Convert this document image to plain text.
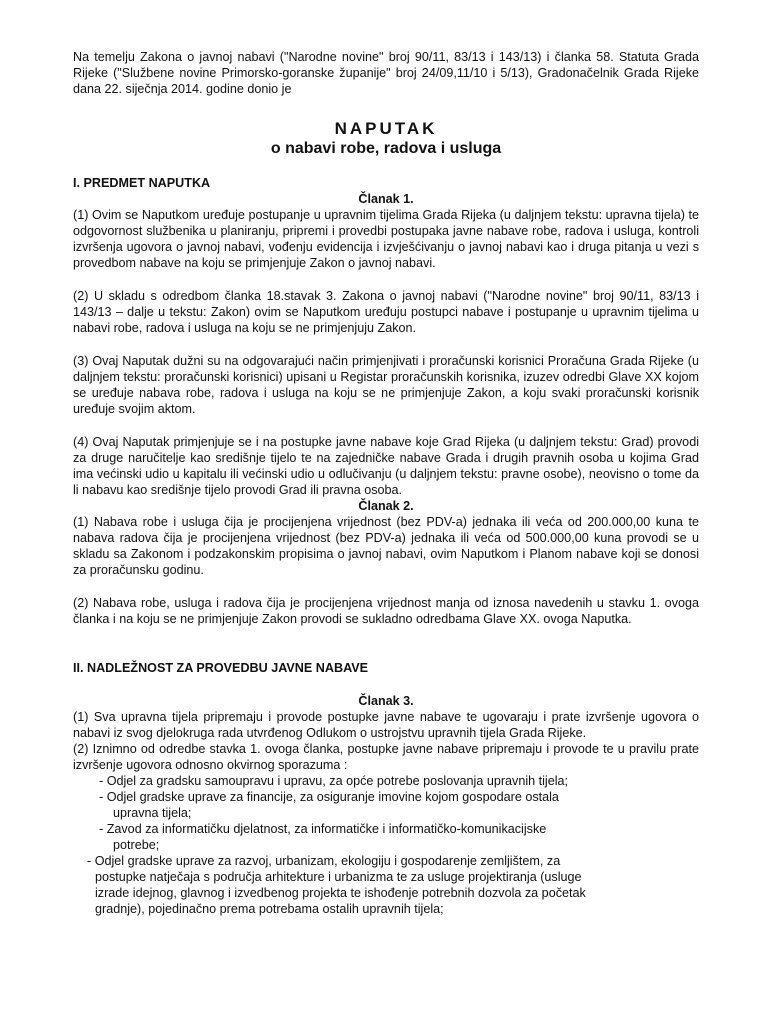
Na temelju Zakona o javnoj nabavi ("Narodne novine" broj 90/11, 83/13 i 143/13) i članka 58. Statuta Grada Rijeke ("Službene novine Primorsko-goranske županije" broj 24/09,11/10 i 5/13), Gradonačelnik Grada Rijeke dana 22. siječnja 2014. godine donio je

NAPUTAK
o nabavi robe, radova i usluga
I. PREDMET NAPUTKA
Članak 1.

(1) Ovim se Naputkom uređuje postupanje u upravnim tijelima Grada Rijeka (u daljnjem tekstu: upravna tijela) te odgovornost službenika u planiranju, pripremi i provedbi postupaka javne nabave robe, radova i usluga, kontroli izvršenja ugovora o javnoj nabavi, vođenju evidencija i izvješćivanju o javnoj nabavi kao i druga pitanja u vezi s provedbom nabave na koju se primjenjuje Zakon o javnoj nabavi.

(2) U skladu s odredbom članka 18.stavak 3. Zakona o javnoj nabavi ("Narodne novine" broj 90/11, 83/13 i 143/13 – dalje u tekstu: Zakon) ovim se Naputkom uređuju postupci nabave i postupanje u upravnim tijelima u nabavi robe, radova i usluga na koju se ne primjenjuju Zakon.

(3) Ovaj Naputak dužni su na odgovarajući način primjenjivati i proračunski korisnici Proračuna Grada Rijeke (u daljnjem tekstu: proračunski korisnici) upisani u Registar proračunskih korisnika, izuzev odredbi Glave XX kojom se uređuje nabava robe, radova i usluga na koju se ne primjenjuje Zakon, a koju svaki proračunski korisnik uređuje svojim aktom.

(4) Ovaj Naputak primjenjuje se i na postupke javne nabave koje Grad Rijeka (u daljnjem tekstu: Grad) provodi za druge naručitelje kao središnje tijelo te na zajedničke nabave Grada i drugih pravnih osoba u kojima Grad ima većinski udio u kapitalu ili većinski udio u odlučivanju (u daljnjem tekstu: pravne osobe), neovisno o tome da li nabavu kao središnje tijelo provodi Grad ili pravna osoba.

Članak 2.

(1) Nabava robe i usluga čija je procijenjena vrijednost (bez PDV-a) jednaka ili veća od 200.000,00 kuna te nabava radova čija je procijenjena vrijednost (bez PDV-a) jednaka ili veća od 500.000,00 kuna provodi se u skladu sa Zakonom i podzakonskim propisima o javnoj nabavi, ovim Naputkom i Planom nabave koji se donosi za proračunsku godinu.

(2) Nabava robe, usluga i radova čija je procijenjena vrijednost manja od iznosa navedenih u stavku 1. ovoga članka i na koju se ne primjenjuje Zakon provodi se sukladno odredbama Glave XX. ovoga Naputka.

II. NADLEŽNOST ZA PROVEDBU JAVNE NABAVE
Članak 3.

(1) Sva upravna tijela pripremaju i provode postupke javne nabave te ugovaraju i prate izvršenje ugovora o nabavi iz svog djelokruga rada utvrđenog Odlukom o ustrojstvu upravnih tijela Grada Rijeke.

(2) Iznimno od odredbe stavka 1. ovoga članka, postupke javne nabave pripremaju i provode te u pravilu prate izvršenje ugovora odnosno okvirnog sporazuma :

- Odjel za gradsku samoupravu i upravu, za opće potrebe poslovanja upravnih tijela;
- Odjel gradske uprave za financije, za osiguranje imovine kojom gospodare ostala
upravna tijela;
- Zavod za informatičku djelatnost, za informatičke i informatičko-komunikacijske
potrebe;
- Odjel gradske uprave za razvoj, urbanizam, ekologiju i gospodarenje zemljištem, za
postupke natječaja s područja arhitekture i urbanizma te za usluge projektiranja (usluge
izrade idejnog, glavnog i izvedbenog projekta te ishođenje potrebnih dozvola za početak
gradnje), pojedinačno prema potrebama ostalih upravnih tijela;
